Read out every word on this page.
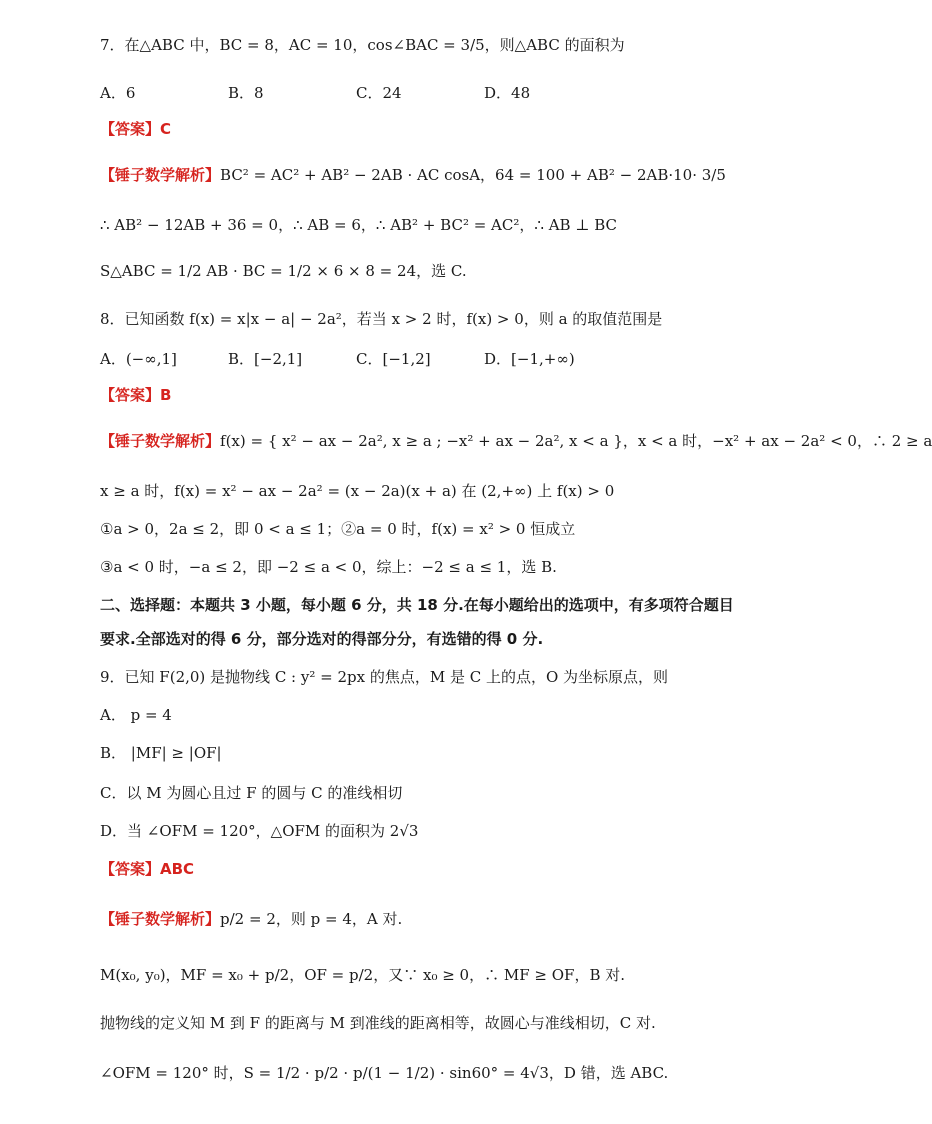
7．在△ABC 中，BC = 8，AC = 10，cos∠BAC = 3/5，则△ABC 的面积为
A．6	B．8	C．24	D．48
【答案】C
【锤子数学解析】BC² = AC² + AB² − 2AB · AC cosA，64 = 100 + AB² − 2AB·10· 3/5
∴ AB² − 12AB + 36 = 0，∴ AB = 6，∴ AB² + BC² = AC²，∴ AB ⊥ BC
S△ABC = 1/2 AB · BC = 1/2 × 6 × 8 = 24，选 C.
8．已知函数 f(x) = x|x − a| − 2a²，若当 x > 2 时，f(x) > 0，则 a 的取值范围是
A．(−∞,1]	B．[−2,1]	C．[−1,2]	D．[−1,+∞)
【答案】B
【锤子数学解析】f(x) = { x² − ax − 2a², x ≥ a ; −x² + ax − 2a², x < a }，x < a 时，−x² + ax − 2a² < 0，∴ 2 ≥ a
x ≥ a 时，f(x) = x² − ax − 2a² = (x − 2a)(x + a) 在 (2,+∞) 上 f(x) > 0
①a > 0，2a ≤ 2，即 0 < a ≤ 1；②a = 0 时，f(x) = x² > 0 恒成立
③a < 0 时，−a ≤ 2，即 −2 ≤ a < 0，综上：−2 ≤ a ≤ 1，选 B.
二、选择题：本题共 3 小题，每小题 6 分，共 18 分.在每小题给出的选项中，有多项符合题目
要求.全部选对的得 6 分，部分选对的得部分分，有选错的得 0 分.
9．已知 F(2,0) 是抛物线 C : y² = 2px 的焦点，M 是 C 上的点，O 为坐标原点，则
A． p = 4
B． |MF| ≥ |OF|
C．以 M 为圆心且过 F 的圆与 C 的准线相切
D．当 ∠OFM = 120°，△OFM 的面积为 2√3
【答案】ABC
【锤子数学解析】p/2 = 2，则 p = 4，A 对.
M(x₀, y₀)，MF = x₀ + p/2，OF = p/2，又∵ x₀ ≥ 0，∴ MF ≥ OF，B 对.
抛物线的定义知 M 到 F 的距离与 M 到准线的距离相等，故圆心与准线相切，C 对.
∠OFM = 120° 时，S = 1/2 · p/2 · p/(1 − 1/2) · sin60° = 4√3，D 错，选 ABC.
